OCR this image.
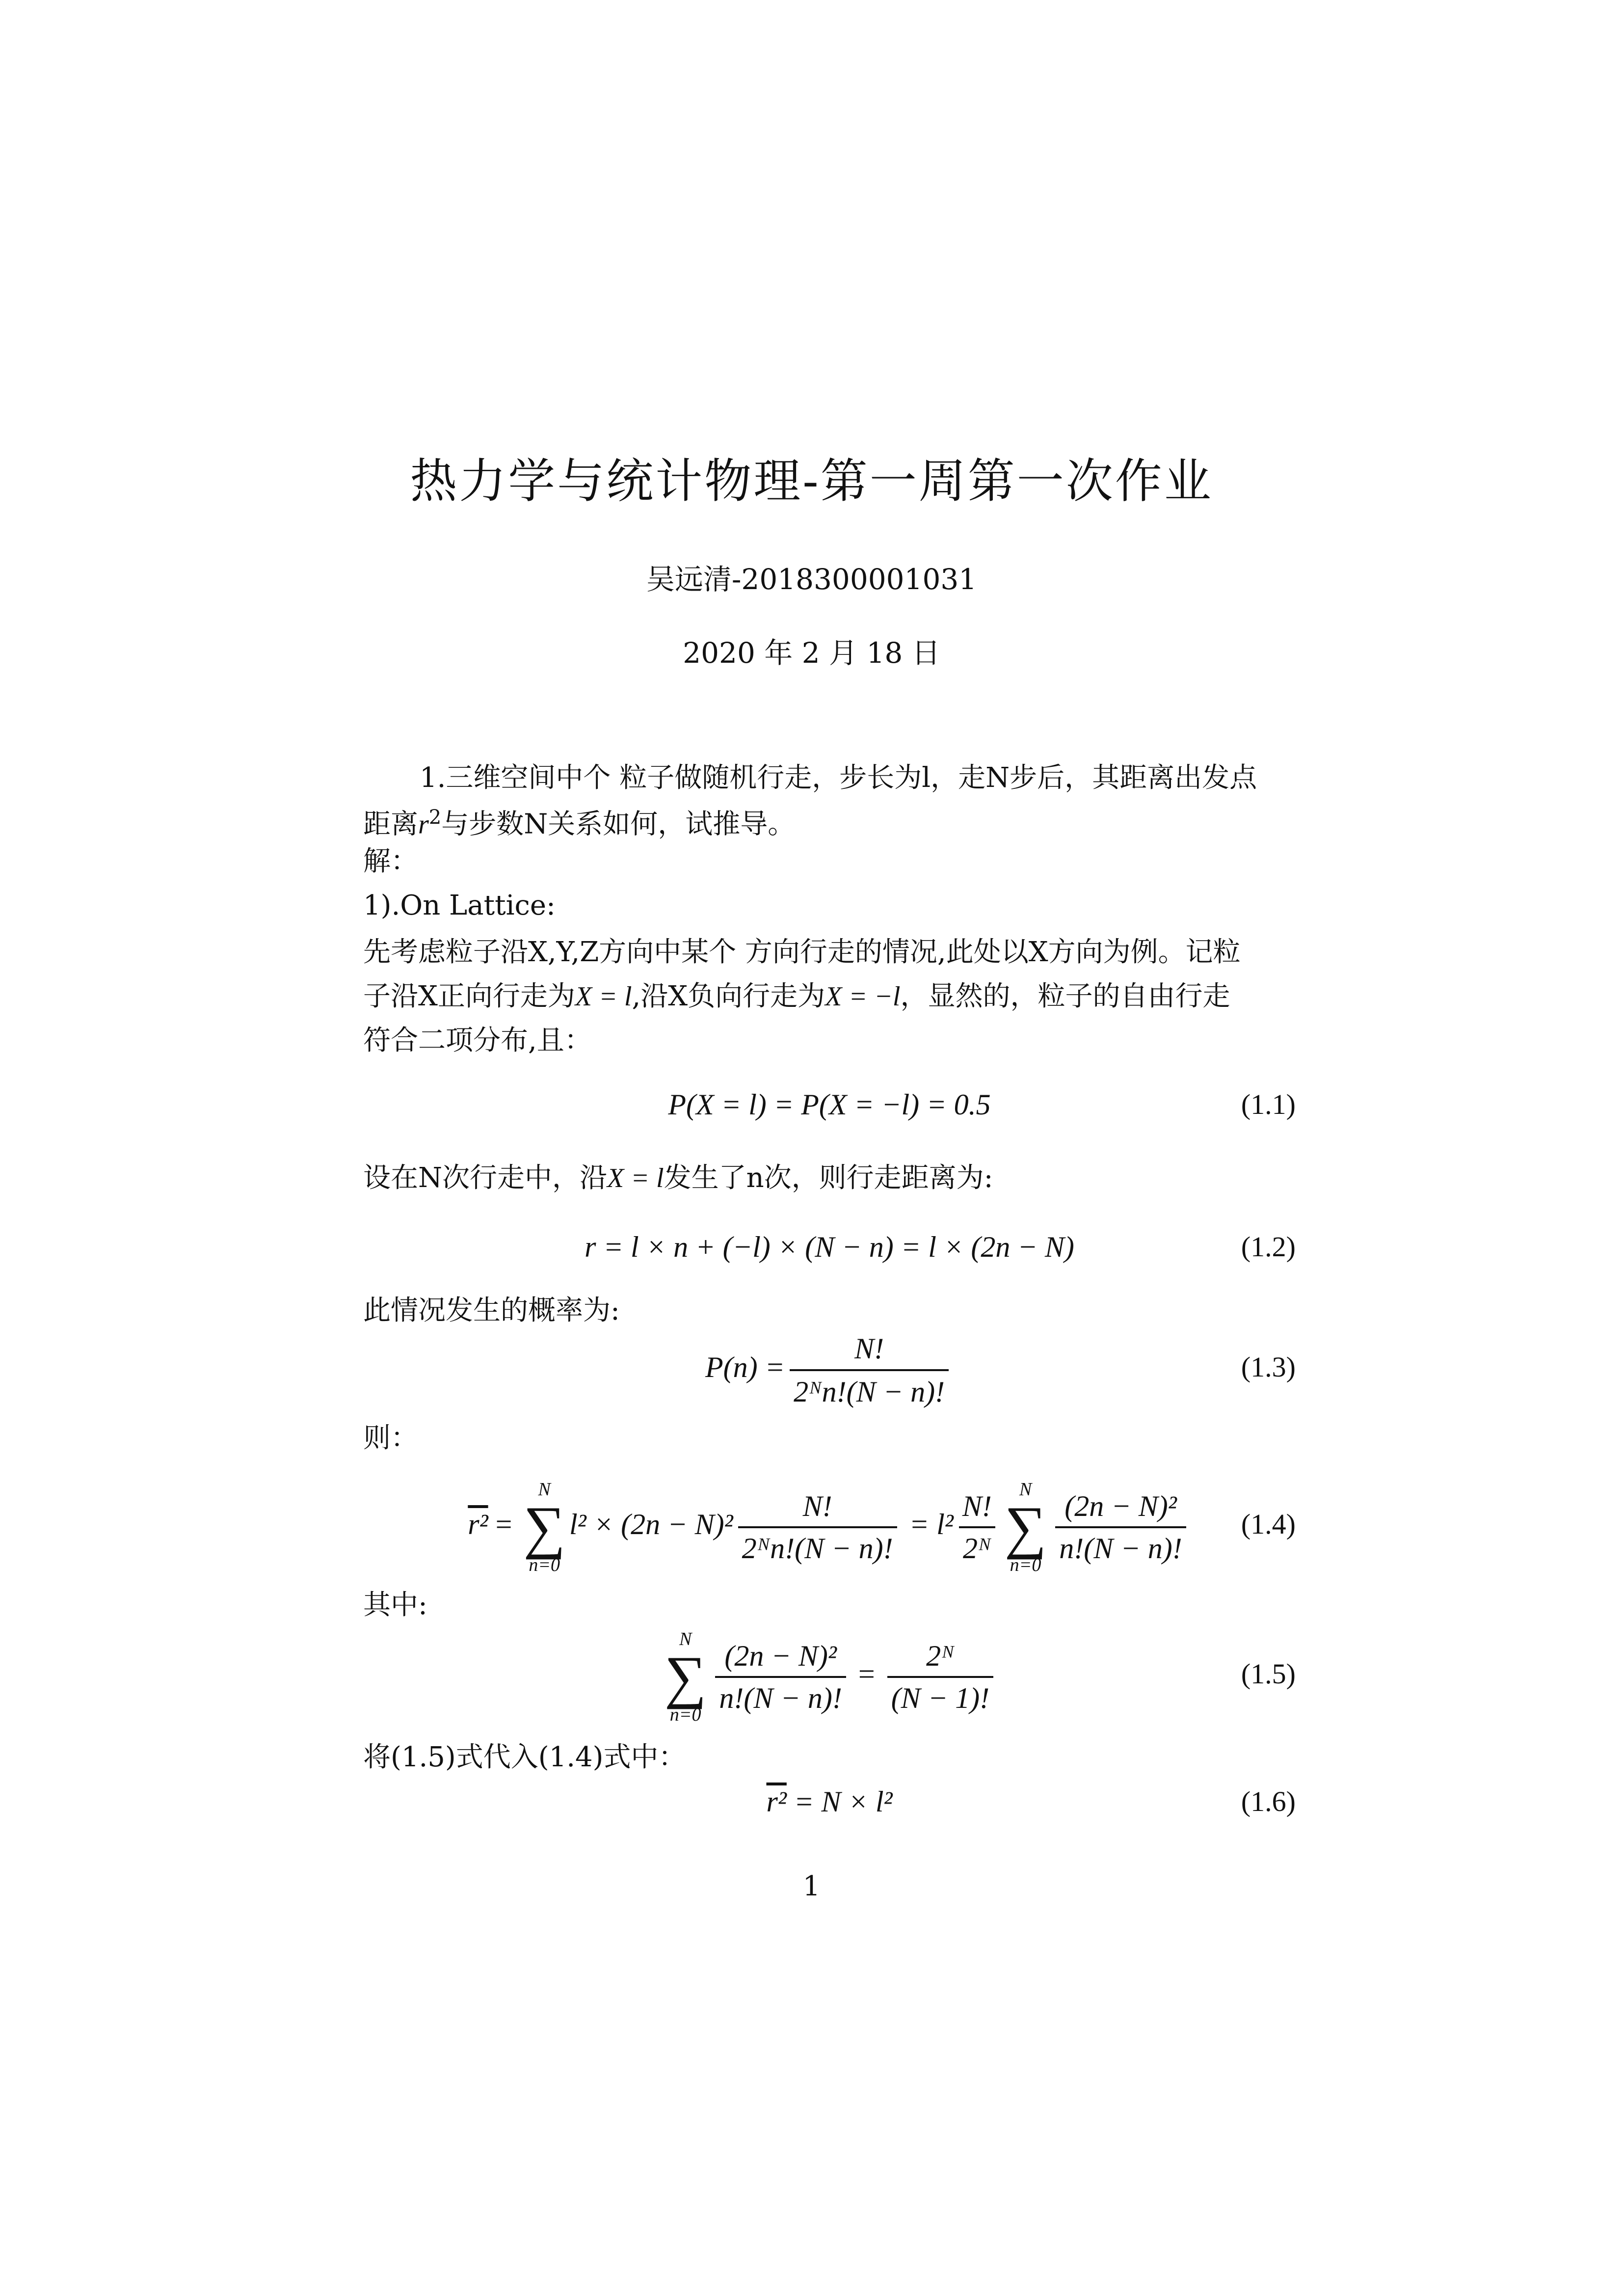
热力学与统计物理-第一周第一次作业
吴远清-2018300001031
2020 年 2 月 18 日
1.三维空间中个 粒子做随机行走，步长为l，走N步后，其距离出发点
距离$r^2$与步数N关系如何，试推导。
解：
1).On Lattice:
先考虑粒子沿X,Y,Z方向中某个 方向行走的情况,此处以X方向为例。记粒
子沿X正向行走为X = l,沿X负向行走为X = −l，显然的，粒子的自由行走
符合二项分布,且：
P(X = l) = P(X = −l) = 0.5	(1.1)
设在N次行走中，沿X = l发生了n次，则行走距离为:
r = l × n + (−l) × (N − n) = l × (2n − N)	(1.2)
此情况发生的概率为:
$P(n) = \frac{N!}{\text{2ᴺn!(N − n)!}}$	(1.3)
则：
r² =
N
∑
n=0
$l^2 \times (2n - N)^2 \frac{N!}{\text{2ᴺn!(N − n)!}} = l^2 \frac{N!}{\text{2ᴺ}}$ N
∑
$n=0 \frac{\text{(2n − N)²}}{n!(N - n)!} (1.4)$
其中:
N
∑
$n=0 \frac{\text{(2n − N)²}}{n!(N - n)!} = \frac{\text{2ᴺ}}{(N - 1)!}$	(1.5)
将(1.5)式代入(1.4)式中：
r² = N × l²	(1.6)
1
